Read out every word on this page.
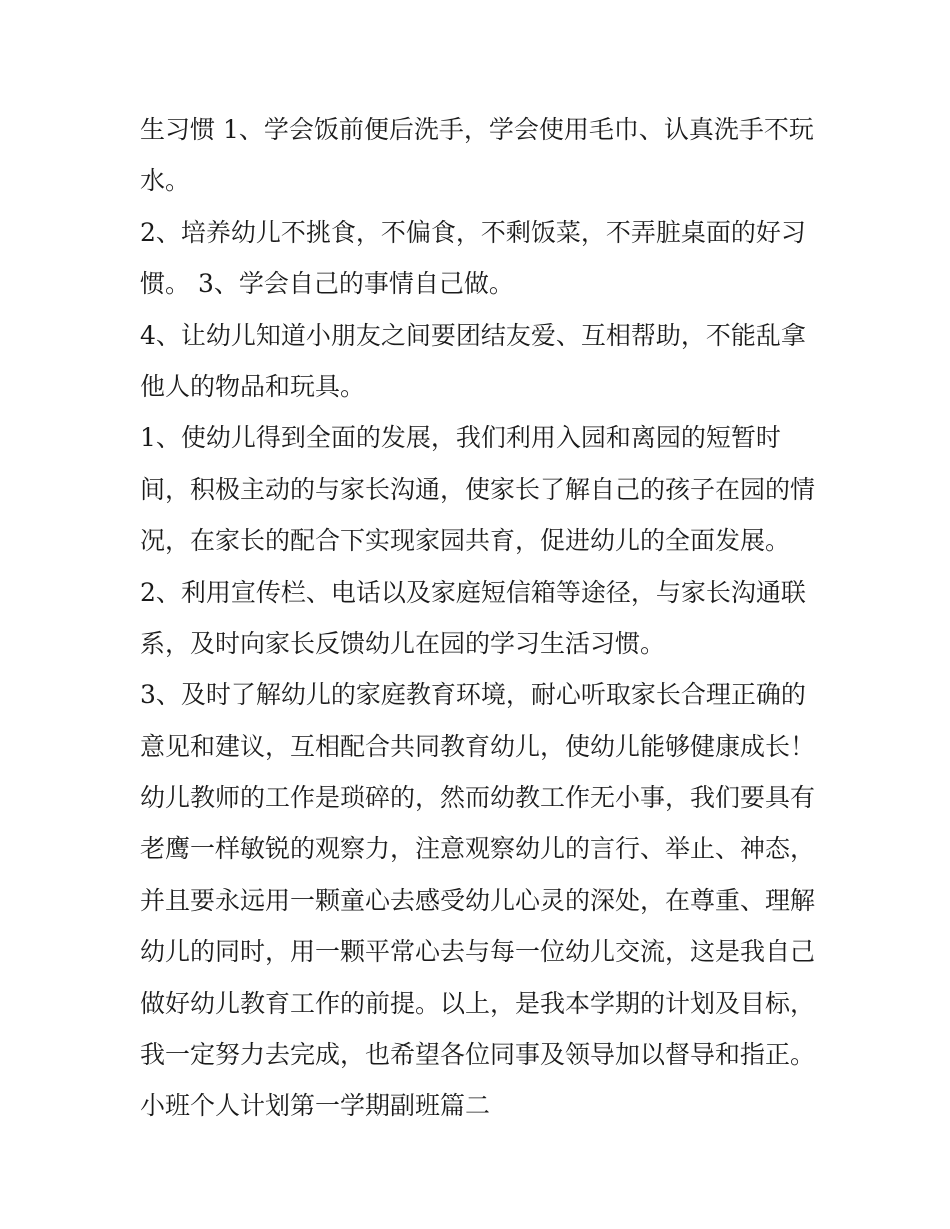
生习惯 1、学会饭前便后洗手，学会使用毛巾、认真洗手不玩

水。

2、培养幼儿不挑食，不偏食，不剩饭菜，不弄脏桌面的好习

惯。 3、学会自己的事情自己做。

4、让幼儿知道小朋友之间要团结友爱、互相帮助，不能乱拿

他人的物品和玩具。

1、使幼儿得到全面的发展，我们利用入园和离园的短暂时

间，积极主动的与家长沟通，使家长了解自己的孩子在园的情

况，在家长的配合下实现家园共育，促进幼儿的全面发展。

2、利用宣传栏、电话以及家庭短信箱等途径，与家长沟通联

系，及时向家长反馈幼儿在园的学习生活习惯。

3、及时了解幼儿的家庭教育环境，耐心听取家长合理正确的

意见和建议，互相配合共同教育幼儿，使幼儿能够健康成长！

幼儿教师的工作是琐碎的，然而幼教工作无小事，我们要具有

老鹰一样敏锐的观察力，注意观察幼儿的言行、举止、神态，

并且要永远用一颗童心去感受幼儿心灵的深处，在尊重、理解

幼儿的同时，用一颗平常心去与每一位幼儿交流，这是我自己

做好幼儿教育工作的前提。以上，是我本学期的计划及目标，

我一定努力去完成，也希望各位同事及领导加以督导和指正。

小班个人计划第一学期副班篇二
